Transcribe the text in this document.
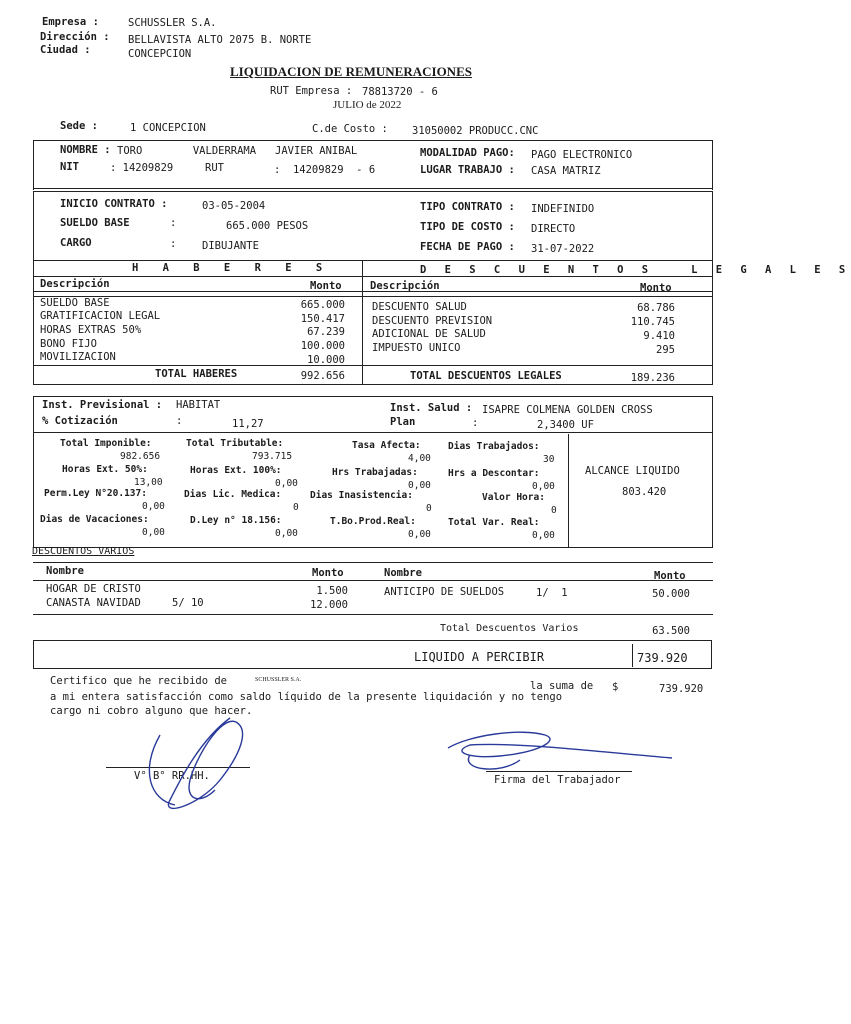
Empresa :	SCHUSSLER S.A.
Dirección : BELLAVISTA ALTO 2075 B. NORTE
Ciudad :	CONCEPCION
LIQUIDACION DE REMUNERACIONES
RUT Empresa : 78813720 - 6
JULIO de 2022
Sede :	1 CONCEPCION	C.de Costo : 31050002 PRODUCC.CNC
NOMBRE : TORO        VALDERRAMA   JAVIER ANIBAL
NIT	: 14209829	RUT	:  14209829  - 6
MODALIDAD PAGO: PAGO ELECTRONICO
LUGAR TRABAJO : CASA MATRIZ
INICIO CONTRATO :	03-05-2004
SUELDO BASE	:	665.000 PESOS
CARGO	: DIBUJANTE
TIPO CONTRATO : INDEFINIDO
TIPO DE COSTO : DIRECTO
FECHA DE PAGO : 31-07-2022
H A B E R E S	D E S C U E N T O S   L E G A L E S
Descripción	Monto	Descripción	Monto
SUELDO BASE	665.000
GRATIFICACION LEGAL	150.417
HORAS EXTRAS 50%	67.239
BONO FIJO	100.000
MOVILIZACION	10.000
DESCUENTO SALUD	68.786
DESCUENTO PREVISION	110.745
ADICIONAL DE SALUD	9.410
IMPUESTO UNICO	295
TOTAL HABERES	992.656	TOTAL DESCUENTOS LEGALES	189.236
Inst. Previsional : HABITAT
% Cotización	:	11,27
Inst. Salud : ISAPRE COLMENA GOLDEN CROSS
Plan	:	2,3400 UF
Total Imponible:
982.656
Total Tributable:
793.715
Tasa Afecta:
4,00
Dias Trabajados:
30
Horas Ext. 50%:
13,00
Horas Ext. 100%:
0,00
Hrs Trabajadas:
0,00
Hrs a Descontar:
0,00
Perm.Ley N°20.137:
0,00
Dias Lic. Medica:
0
Dias Inasistencia:
0
Valor Hora:
0
Dias de Vacaciones:
0,00
D.Ley n° 18.156:
0,00
T.Bo.Prod.Real:
0,00
Total Var. Real:
0,00
ALCANCE LIQUIDO
803.420
DESCUENTOS VARIOS
Nombre	Monto	Nombre	Monto
HOGAR DE CRISTO	1.500
CANASTA NAVIDAD	5/ 10	12.000
ANTICIPO DE SUELDOS	1/  1	50.000
Total Descuentos Varios	63.500
LIQUIDO A PERCIBIR	739.920
Certifico que he recibido de	SCHUSSLER S.A.	la suma de $	739.920
a mi entera satisfacción como saldo líquido de la presente liquidación y no tengo
cargo ni cobro alguno que hacer.
V° B° RR.HH.	Firma del Trabajador
